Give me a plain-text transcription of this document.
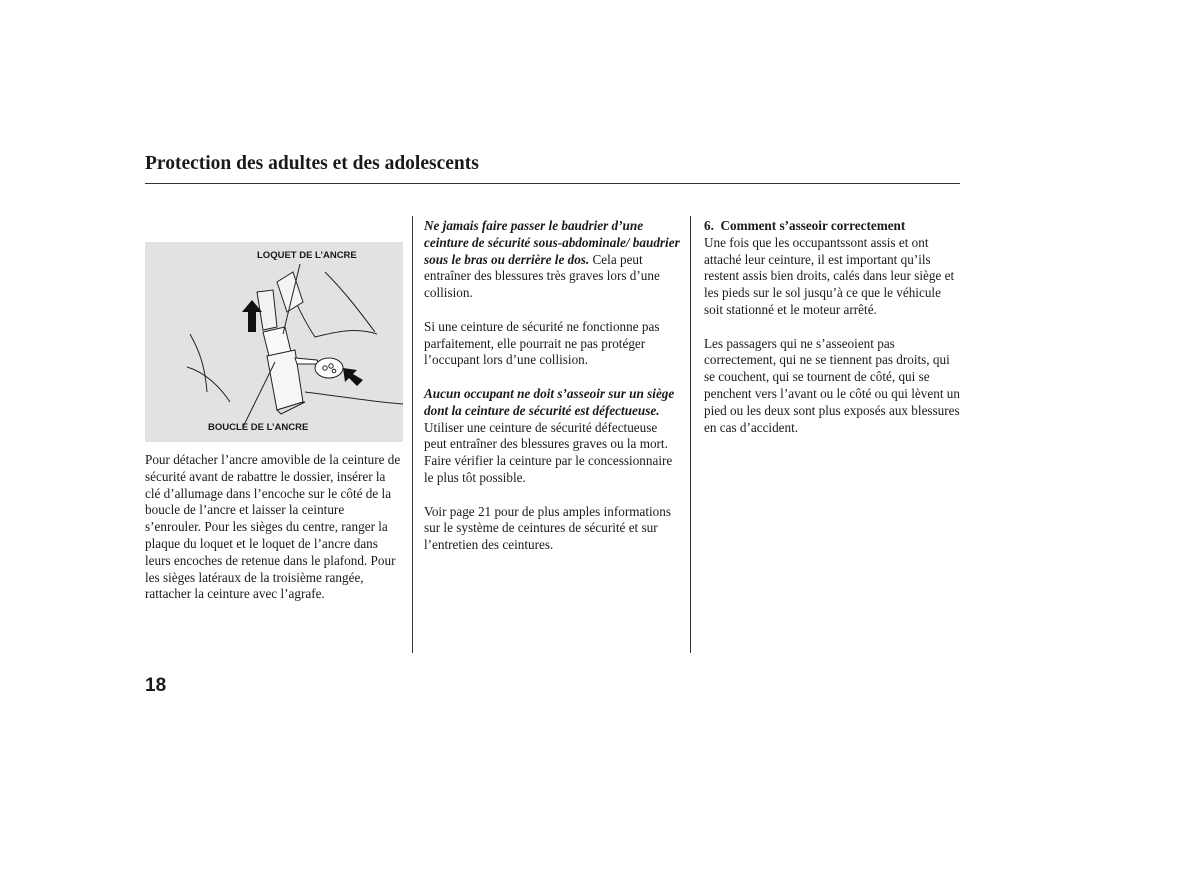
Protection des adultes et des adolescents
LOQUET DE L’ANCRE
BOUCLE DE L’ANCRE

Pour détacher l’ancre amovible de la ceinture de sécurité avant de rabattre le dossier, insérer la clé d’allumage dans l’encoche sur le côté de la boucle de l’ancre et laisser la ceinture s’enrouler. Pour les sièges du centre, ranger la plaque du loquet et le loquet de l’ancre dans leurs encoches de retenue dans le plafond. Pour les sièges latéraux de la troisième rangée, rattacher la ceinture avec l’agrafe.

Ne jamais faire passer le baudrier d’une ceinture de sécurité sous-abdominale/ baudrier sous le bras ou derrière le dos. Cela peut entraîner des blessures très graves lors d’une collision.

Si une ceinture de sécurité ne fonctionne pas parfaitement, elle pourrait ne pas protéger l’occupant lors d’une collision.

Aucun occupant ne doit s’asseoir sur un siège dont la ceinture de sécurité est défectueuse.
Utiliser une ceinture de sécurité défectueuse peut entraîner des blessures graves ou la mort. Faire vérifier la ceinture par le concessionnaire le plus tôt possible.

Voir page 21 pour de plus amples informations sur le système de ceintures de sécurité et sur l’entretien des ceintures.

6. Comment s’asseoir correctement

Une fois que les occupantssont assis et ont attaché leur ceinture, il est important qu’ils restent assis bien droits, calés dans leur siège et les pieds sur le sol jusqu’à ce que le véhicule soit stationné et le moteur arrêté.

Les passagers qui ne s’asseoient pas correctement, qui ne se tiennent pas droits, qui se couchent, qui se tournent de côté, qui se penchent vers l’avant ou le côté ou qui lèvent un pied ou les deux sont plus exposés aux blessures en cas d’accident.

18
